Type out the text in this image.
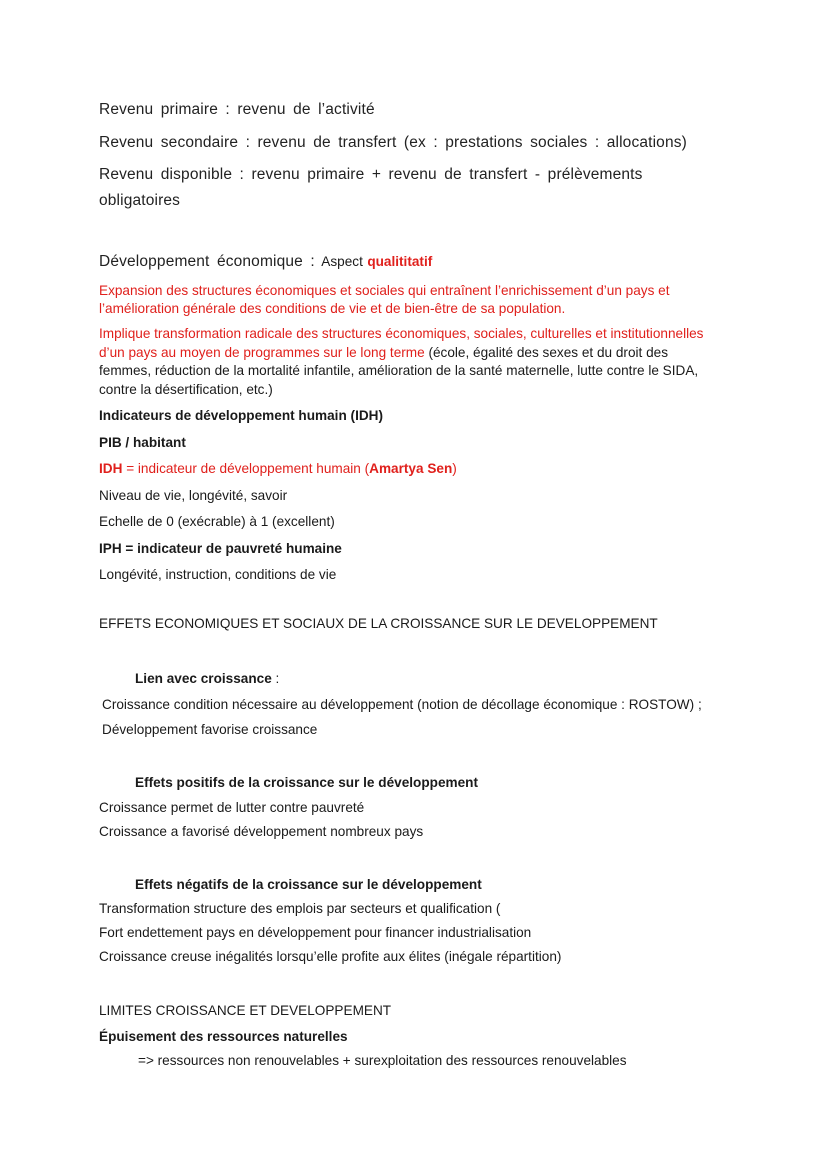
Revenu primaire : revenu de l’activité
Revenu secondaire : revenu de transfert (ex : prestations sociales : allocations)
Revenu disponible : revenu primaire + revenu de transfert - prélèvements
obligatoires
Développement économique : Aspect qualititatif
Expansion des structures économiques et sociales qui entraînent l’enrichissement d’un pays et
l’amélioration générale des conditions de vie et de bien-être de sa population.
Implique transformation radicale des structures économiques, sociales, culturelles et institutionnelles
d’un pays au moyen de programmes sur le long terme (école, égalité des sexes et du droit des
femmes, réduction de la mortalité infantile, amélioration de la santé maternelle, lutte contre le SIDA,
contre la désertification, etc.)
Indicateurs de développement humain (IDH)
PIB / habitant
IDH = indicateur de développement humain (Amartya Sen)
Niveau de vie, longévité, savoir
Echelle de 0 (exécrable) à 1 (excellent)
IPH = indicateur de pauvreté humaine
Longévité, instruction, conditions de vie
EFFETS ECONOMIQUES ET SOCIAUX DE LA CROISSANCE SUR LE DEVELOPPEMENT
Lien avec croissance :
Croissance condition nécessaire au développement (notion de décollage économique : ROSTOW) ;
Développement favorise croissance
Effets positifs de la croissance sur le développement
Croissance permet de lutter contre pauvreté
Croissance a favorisé développement nombreux pays
Effets négatifs de la croissance sur le développement
Transformation structure des emplois par secteurs et qualification (
Fort endettement pays en développement pour financer industrialisation
Croissance creuse inégalités lorsqu’elle profite aux élites (inégale répartition)
LIMITES CROISSANCE ET DEVELOPPEMENT
Épuisement des ressources naturelles
=> ressources non renouvelables + surexploitation des ressources renouvelables
